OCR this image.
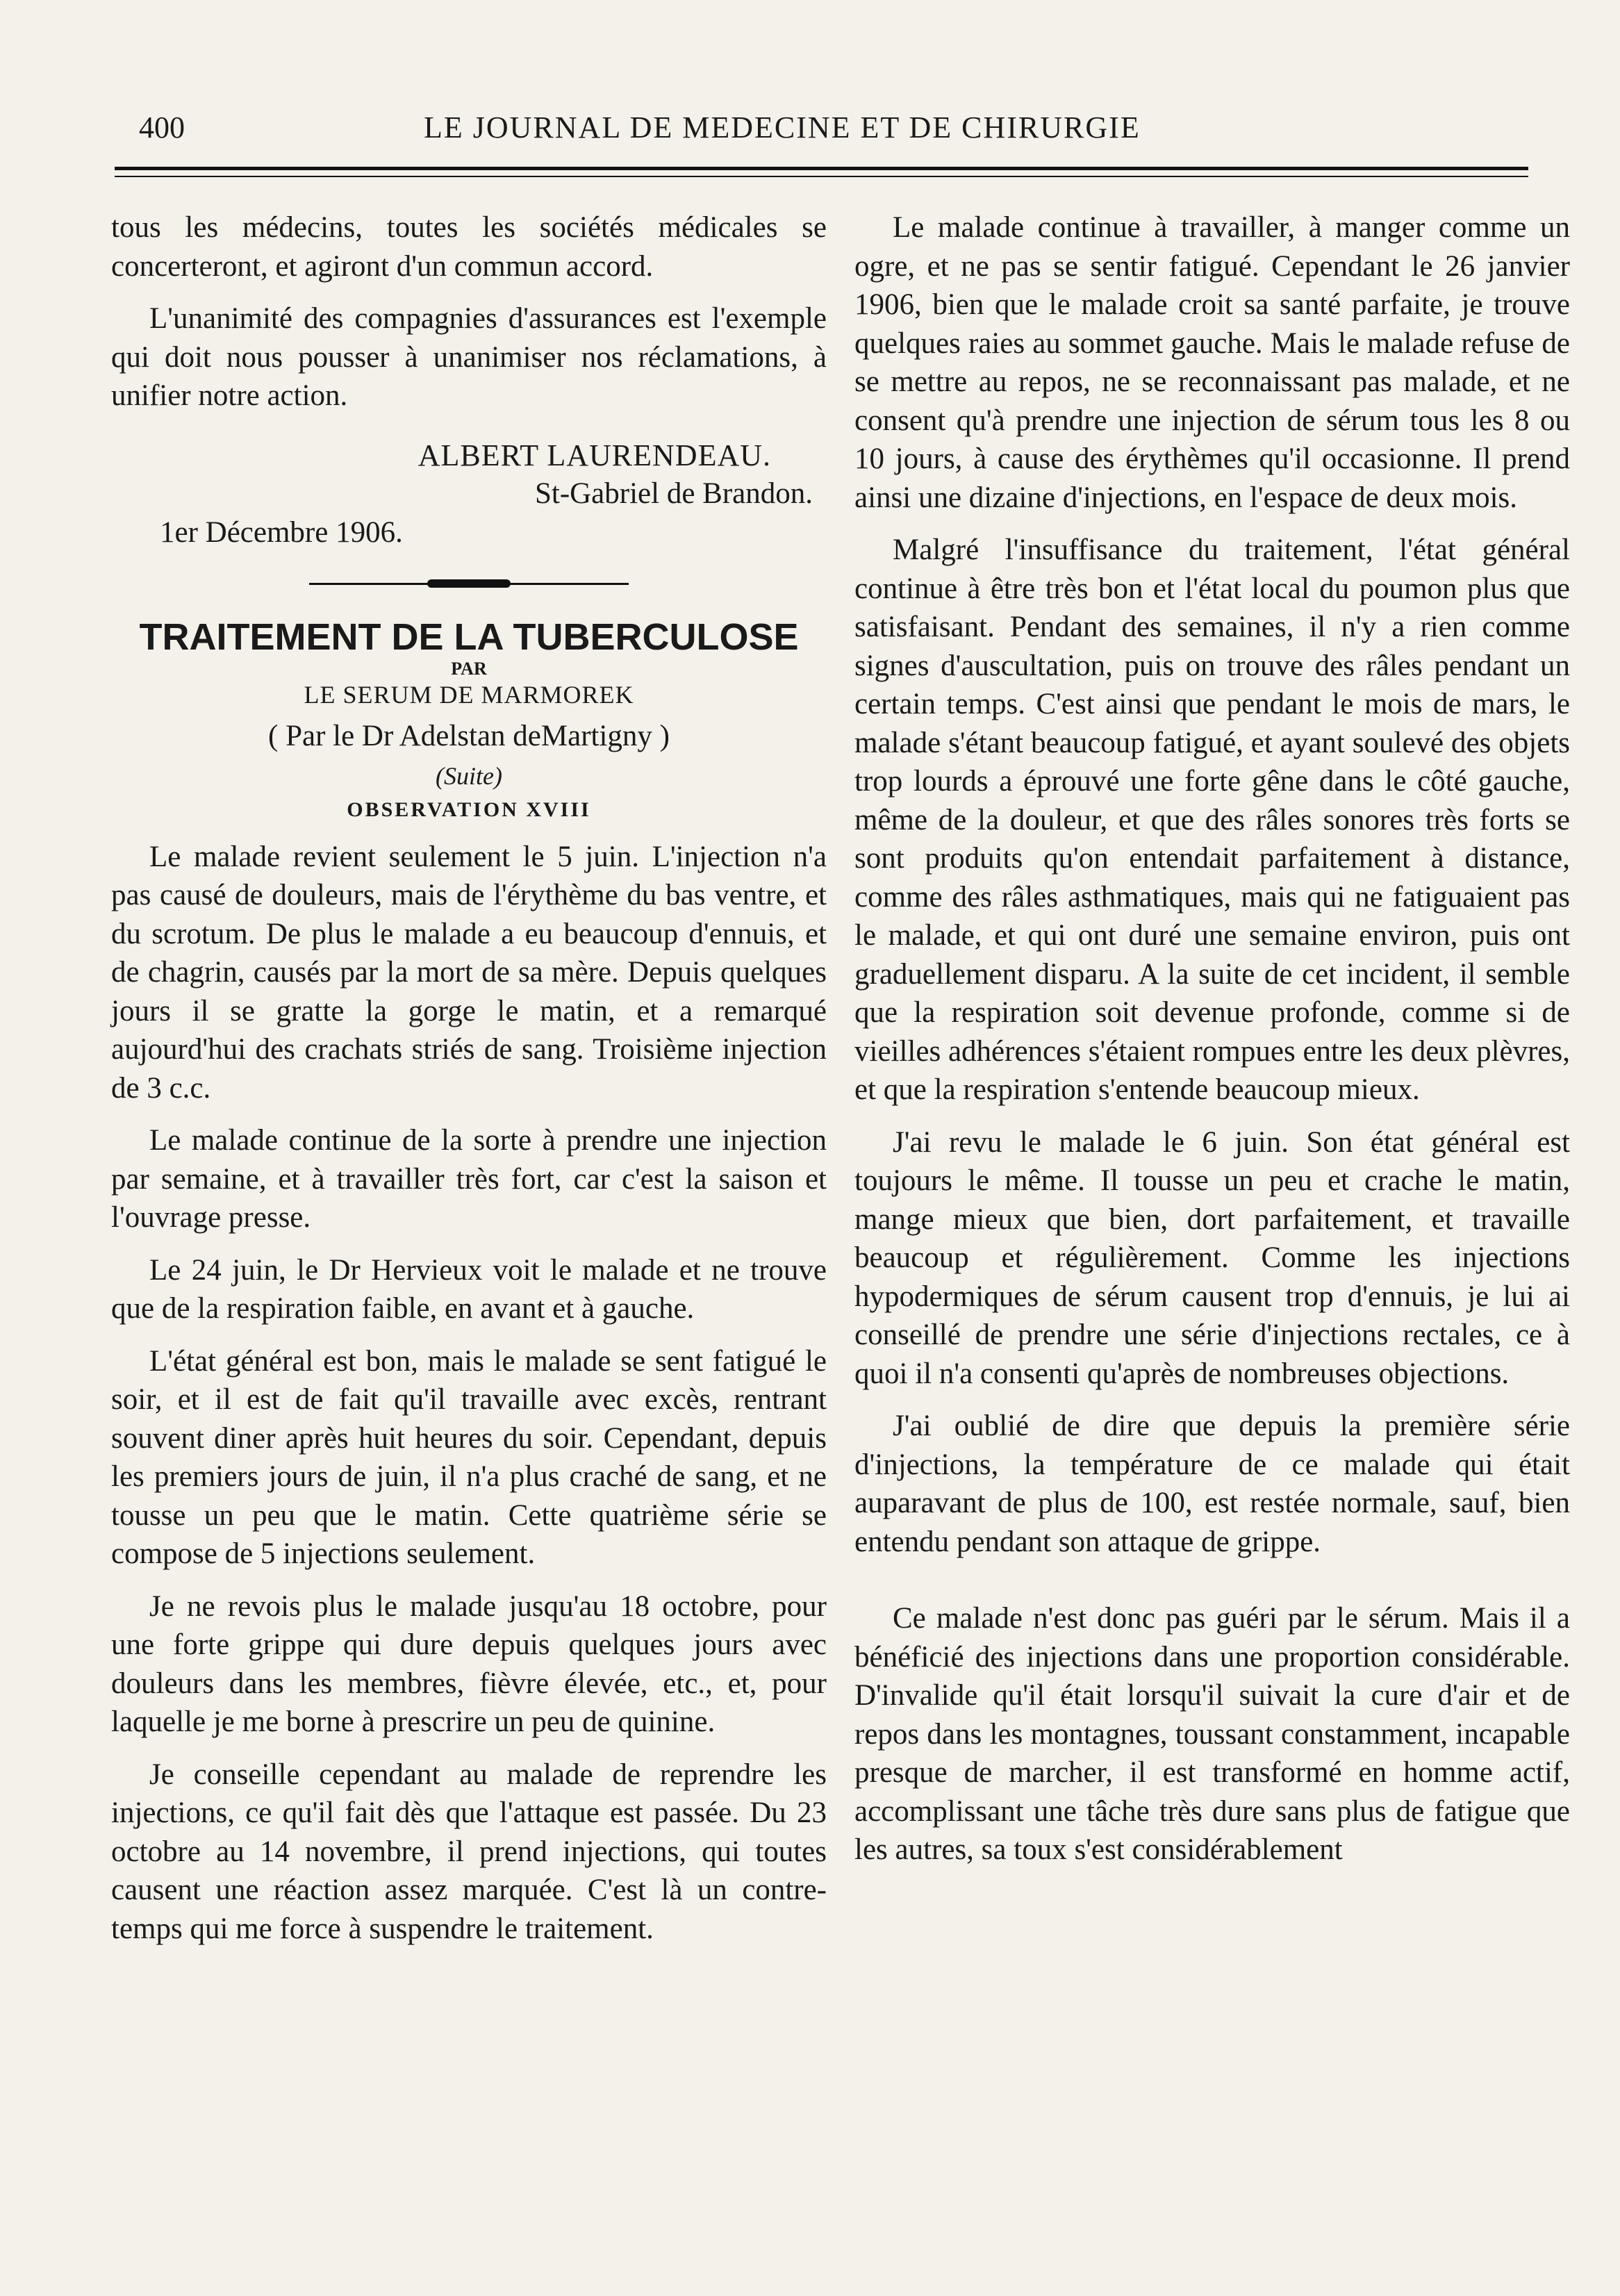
400	LE JOURNAL DE MEDECINE ET DE CHIRURGIE

tous les médecins, toutes les sociétés médicales se concerteront, et agiront d'un commun accord.

L'unanimité des compagnies d'assurances est l'exemple qui doit nous pousser à unanimiser nos réclamations, à unifier notre action.

ALBERT LAURENDEAU.

St-Gabriel de Brandon.

1er Décembre 1906.

TRAITEMENT DE LA TUBERCULOSE

PAR

LE SERUM DE MARMOREK

( Par le Dr Adelstan deMartigny )

(Suite)

OBSERVATION XVIII

Le malade revient seulement le 5 juin. L'injection n'a pas causé de douleurs, mais de l'érythème du bas ventre, et du scrotum. De plus le malade a eu beaucoup d'ennuis, et de chagrin, causés par la mort de sa mère. Depuis quelques jours il se gratte la gorge le matin, et a remarqué aujourd'hui des crachats striés de sang. Troisième injection de 3 c.c.

Le malade continue de la sorte à prendre une injection par semaine, et à travailler très fort, car c'est la saison et l'ouvrage presse.

Le 24 juin, le Dr Hervieux voit le malade et ne trouve que de la respiration faible, en avant et à gauche.

L'état général est bon, mais le malade se sent fatigué le soir, et il est de fait qu'il travaille avec excès, rentrant souvent diner après huit heures du soir. Cependant, depuis les premiers jours de juin, il n'a plus craché de sang, et ne tousse un peu que le matin. Cette quatrième série se compose de 5 injections seulement.

Je ne revois plus le malade jusqu'au 18 octobre, pour une forte grippe qui dure depuis quelques jours avec douleurs dans les membres, fièvre élevée, etc., et, pour laquelle je me borne à prescrire un peu de quinine.

Je conseille cependant au malade de reprendre les injections, ce qu'il fait dès que l'attaque est passée. Du 23 octobre au 14 novembre, il prend injections, qui toutes causent une réaction assez marquée. C'est là un contre-temps qui me force à suspendre le traitement.

Le malade continue à travailler, à manger comme un ogre, et ne pas se sentir fatigué. Cependant le 26 janvier 1906, bien que le malade croit sa santé parfaite, je trouve quelques raies au sommet gauche. Mais le malade refuse de se mettre au repos, ne se reconnaissant pas malade, et ne consent qu'à prendre une injection de sérum tous les 8 ou 10 jours, à cause des érythèmes qu'il occasionne. Il prend ainsi une dizaine d'injections, en l'espace de deux mois.

Malgré l'insuffisance du traitement, l'état général continue à être très bon et l'état local du poumon plus que satisfaisant. Pendant des semaines, il n'y a rien comme signes d'auscultation, puis on trouve des râles pendant un certain temps. C'est ainsi que pendant le mois de mars, le malade s'étant beaucoup fatigué, et ayant soulevé des objets trop lourds a éprouvé une forte gêne dans le côté gauche, même de la douleur, et que des râles sonores très forts se sont produits qu'on entendait parfaitement à distance, comme des râles asthmatiques, mais qui ne fatiguaient pas le malade, et qui ont duré une semaine environ, puis ont graduellement disparu. A la suite de cet incident, il semble que la respiration soit devenue profonde, comme si de vieilles adhérences s'étaient rompues entre les deux plèvres, et que la respiration s'entende beaucoup mieux.

J'ai revu le malade le 6 juin. Son état général est toujours le même. Il tousse un peu et crache le matin, mange mieux que bien, dort parfaitement, et travaille beaucoup et régulièrement. Comme les injections hypodermiques de sérum causent trop d'ennuis, je lui ai conseillé de prendre une série d'injections rectales, ce à quoi il n'a consenti qu'après de nombreuses objections.

J'ai oublié de dire que depuis la première série d'injections, la température de ce malade qui était auparavant de plus de 100, est restée normale, sauf, bien entendu pendant son attaque de grippe.

Ce malade n'est donc pas guéri par le sérum. Mais il a bénéficié des injections dans une proportion considérable. D'invalide qu'il était lorsqu'il suivait la cure d'air et de repos dans les montagnes, toussant constamment, incapable presque de marcher, il est transformé en homme actif, accomplissant une tâche très dure sans plus de fatigue que les autres, sa toux s'est considérablement
